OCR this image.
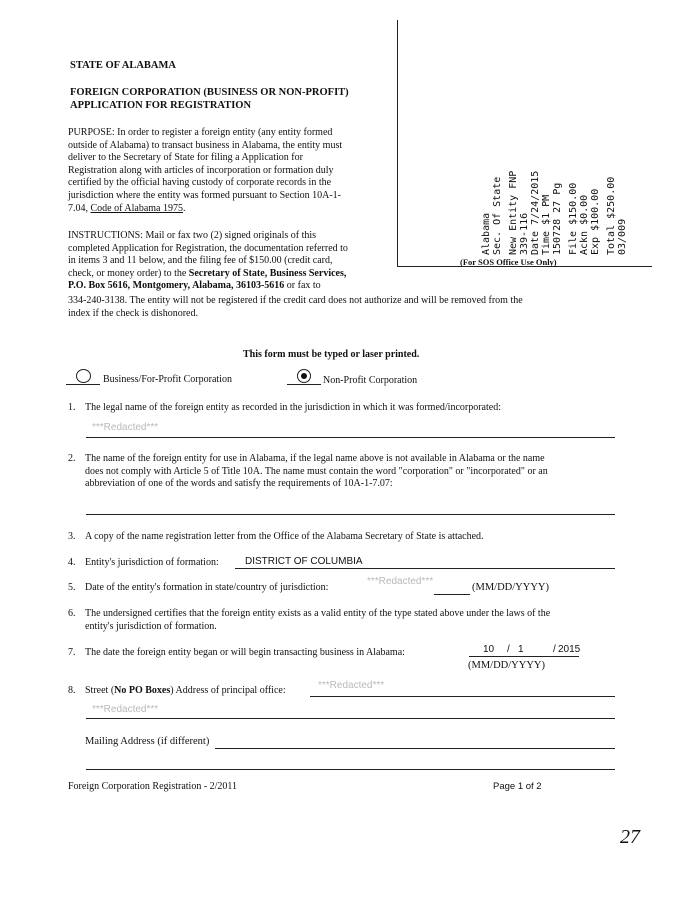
STATE OF ALABAMA
FOREIGN CORPORATION (BUSINESS OR NON-PROFIT)
APPLICATION FOR REGISTRATION
PURPOSE: In order to register a foreign entity (any entity formed
outside of Alabama) to transact business in Alabama, the entity must
deliver to the Secretary of State for filing a Application for
Registration along with articles of incorporation or formation duly
certified by the official having custody of corporate records in the
jurisdiction where the entity was formed pursuant to Section 10A-1-
7.04, Code of Alabama 1975.
INSTRUCTIONS: Mail or fax two (2) signed originals of this
completed Application for Registration, the documentation referred to
in items 3 and 11 below, and the filing fee of $150.00 (credit card,
check, or money order) to the Secretary of State, Business Services,
P.O. Box 5616, Montgomery, Alabama, 36103-5616 or fax to
334-240-3138. The entity will not be registered if the credit card does not authorize and will be removed from the
index if the check is dishonored.
(For SOS Office Use Only)
Alabama Sec. Of State New Entity FNP 339-116 Date 7/24/2015 Time $1 PM 150728 27 Pg File $150.00 Ackn $0.00 Exp $100.00 Total $250.00 03/009
This form must be typed or laser printed.
Business/For-Profit Corporation	Non-Profit Corporation
1. The legal name of the foreign entity as recorded in the jurisdiction in which it was formed/incorporated:
***Redacted***
2. The name of the foreign entity for use in Alabama, if the legal name above is not available in Alabama or the name
does not comply with Article 5 of Title 10A. The name must contain the word "corporation" or "incorporated" or an
abbreviation of one of the words and satisfy the requirements of 10A-1-7.07:
3. A copy of the name registration letter from the Office of the Alabama Secretary of State is attached.
4. Entity's jurisdiction of formation:	DISTRICT OF COLUMBIA
5. Date of the entity's formation in state/country of jurisdiction:
***Redacted***
(MM/DD/YYYY)
6. The undersigned certifies that the foreign entity exists as a valid entity of the type stated above under the laws of the
entity's jurisdiction of formation.
7. The date the foreign entity began or will begin transacting business in Alabama:	10 / 1	/ 2015
(MM/DD/YYYY)
8. Street (No PO Boxes) Address of principal office:	***Redacted***
***Redacted***
Mailing Address (if different)
Foreign Corporation Registration - 2/2011	Page 1 of 2
27
